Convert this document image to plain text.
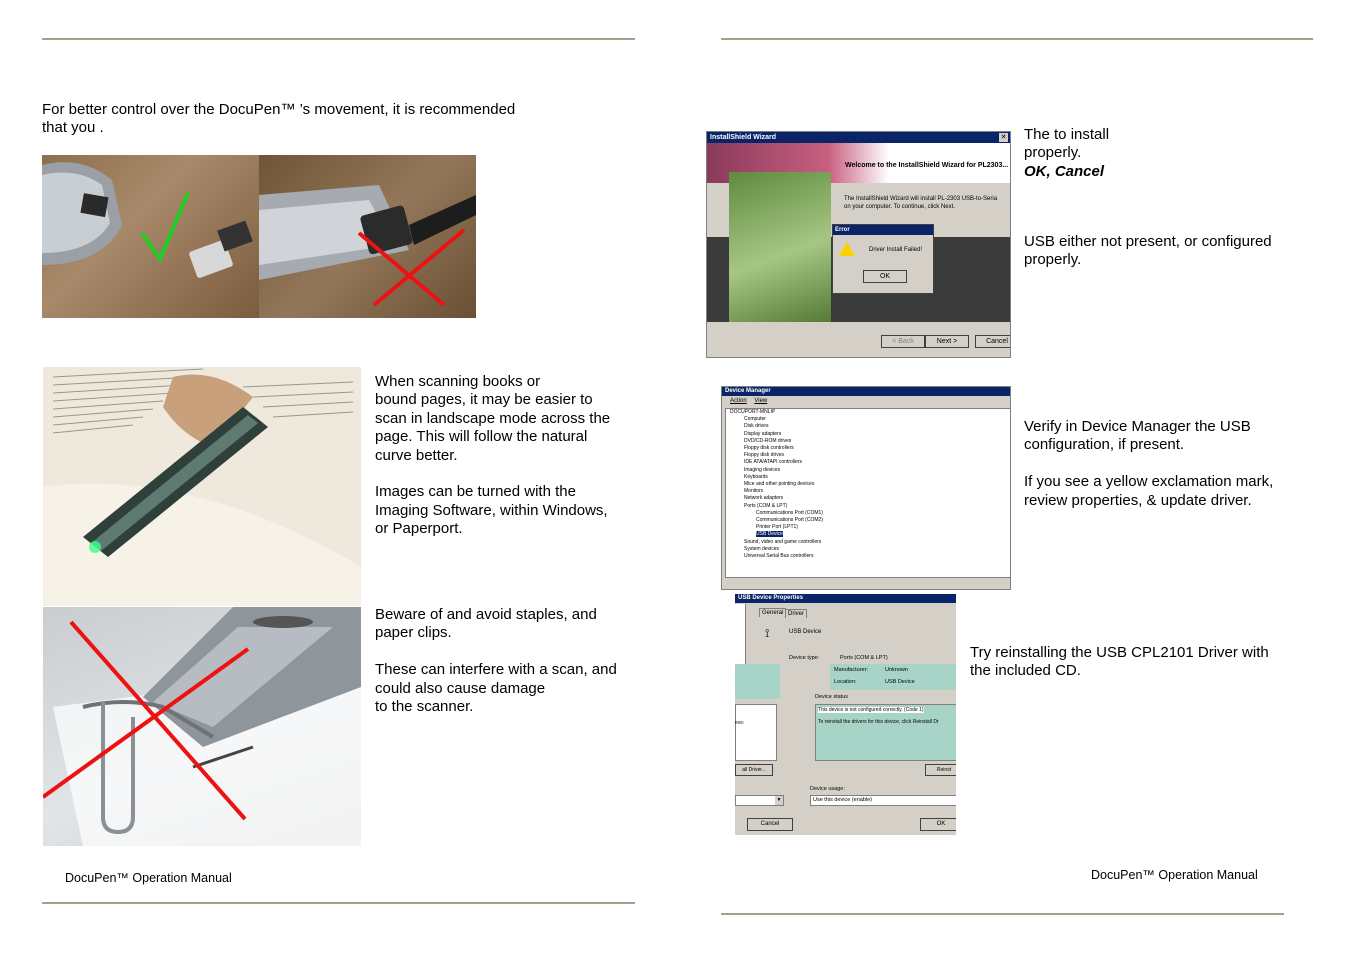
For better control over the DocuPen™ ’s movement, it is recommended
that you .
When scanning books or
bound pages, it may be easier to
scan in landscape mode across the
page. This will follow the natural
curve better.

Images can be turned with the
Imaging Software, within Windows,
or Paperport.
Beware of and avoid staples, and
paper clips.

These can interfere with a scan, and
could also cause damage
to the scanner.
DocuPen™ Operation Manual
InstallShield Wizard	✕
Welcome to the InstallShield Wizard for PL2303...
The InstallShield Wizard will install PL-2303 USB-to-Seria
on your computer. To continue, click Next.
Error
Driver Install Failed!
OK
< Back	Next >	Cancel
The to install
properly.
OK, Cancel
USB either not present, or configured
properly.
Device Manager
Action View
DOCUPORT-MNLIP
Computer
Disk drives
Display adapters
DVD/CD-ROM drives
Floppy disk controllers
Floppy disk drives
IDE ATA/ATAPI controllers
Imaging devices
Keyboards
Mice and other pointing devices
Monitors
Network adapters
Ports (COM & LPT)
Communications Port (COM1)
Communications Port (COM2)
Printer Port (LPT1)
USB Device
Sound, video and game controllers
System devices
Universal Serial Bus controllers
Verify in Device Manager the USB
configuration, if present.

If you see a yellow exclamation mark,
review properties, & update driver.
USB Device Properties
evs:
all Driver...
General Driver
⟟	USB Device
Device type:	Ports (COM & LPT)
Manufacturer:	Unknown
Location:	USB Device
Device status
This device is not configured correctly. (Code 1)
To reinstall the drivers for this device, click Reinstall Dr
Reinst
Device usage:
Use this device (enable)
▼
Cancel	OK
Try reinstalling the USB CPL2101 Driver with
the included CD.
DocuPen™ Operation Manual
